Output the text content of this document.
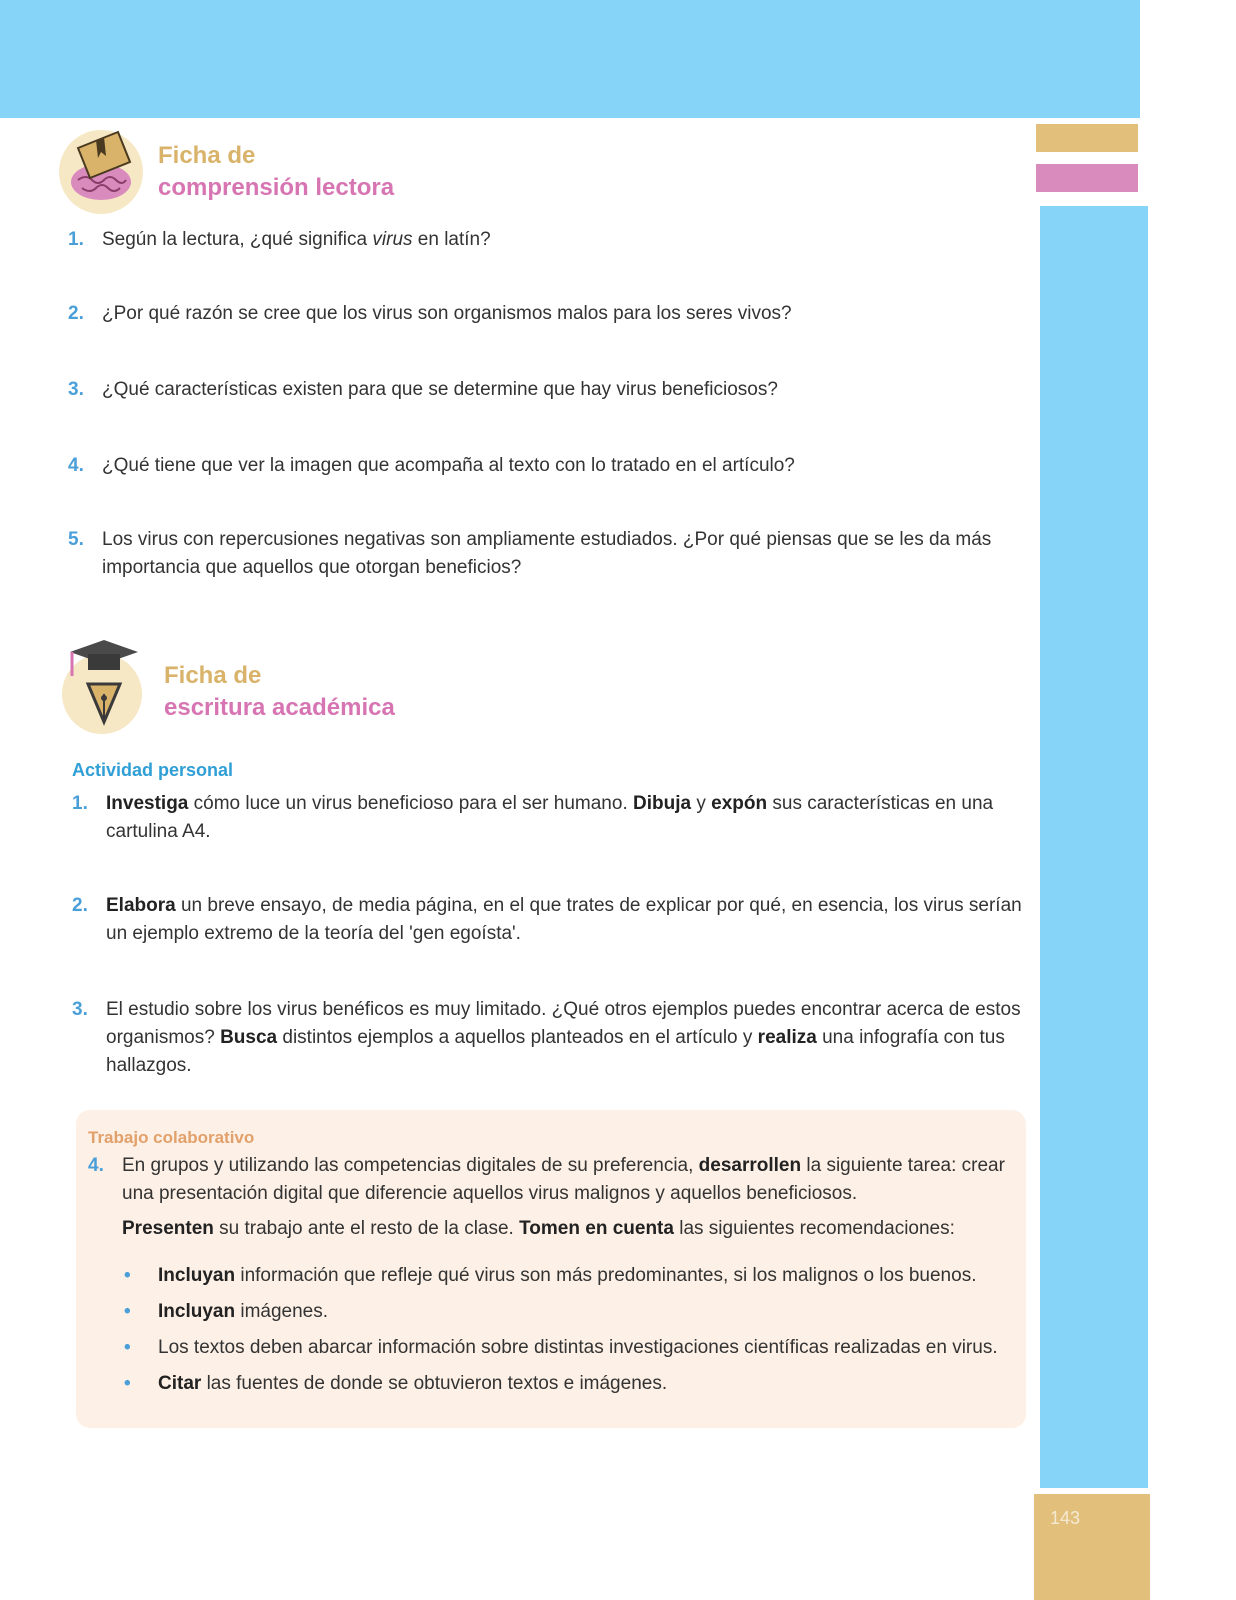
143
Ficha de
comprensión lectora
1. Según la lectura, ¿qué significa virus en latín?
2. ¿Por qué razón se cree que los virus son organismos malos para los seres vivos?
3. ¿Qué características existen para que se determine que hay virus beneficiosos?
4. ¿Qué tiene que ver la imagen que acompaña al texto con lo tratado en el artículo?
5. Los virus con repercusiones negativas son ampliamente estudiados. ¿Por qué piensas que se les da más importancia que aquellos que otorgan beneficios?
Ficha de
escritura académica
Actividad personal
1. Investiga cómo luce un virus beneficioso para el ser humano. Dibuja y expón sus características en una cartulina A4.
2. Elabora un breve ensayo, de media página, en el que trates de explicar por qué, en esencia, los virus serían un ejemplo extremo de la teoría del 'gen egoísta'.
3. El estudio sobre los virus benéficos es muy limitado. ¿Qué otros ejemplos puedes encontrar acerca de estos organismos? Busca distintos ejemplos a aquellos planteados en el artículo y realiza una infografía con tus hallazgos.
Trabajo colaborativo
4. En grupos y utilizando las competencias digitales de su preferencia, desarrollen la siguiente tarea: crear una presentación digital que diferencie aquellos virus malignos y aquellos beneficiosos.
Presenten su trabajo ante el resto de la clase. Tomen en cuenta las siguientes recomendaciones:
• Incluyan información que refleje qué virus son más predominantes, si los malignos o los buenos.
• Incluyan imágenes.
• Los textos deben abarcar información sobre distintas investigaciones científicas realizadas en virus.
• Citar las fuentes de donde se obtuvieron textos e imágenes.
